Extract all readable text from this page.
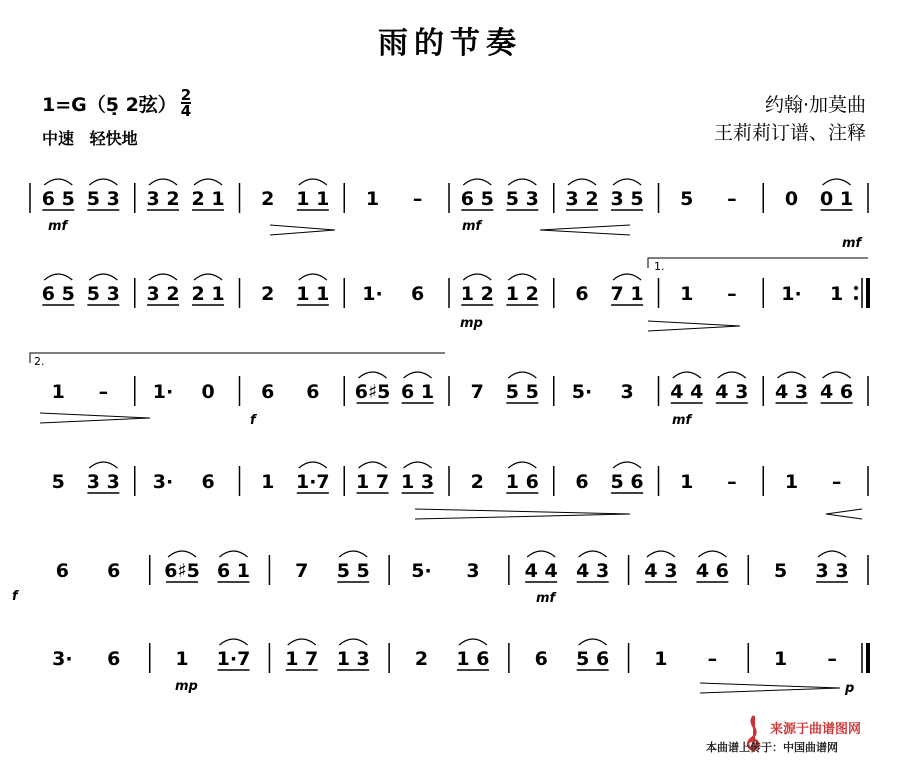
雨的节奏
1=G（5̣ 2弦） $\frac{2}{4}$
中速 轻快地
约翰·加莫曲
王莉莉订谱、注释
6 5 5 3 3 2 2 1 2 1 1 1 – 6 5 5 3 3 2 3 5 5 –	0 0 1
6 5 5 3 3 2 2 1 2 1 1 1· 6 1 2 1 2 6 7 1 1 – 1· 1
1 – 1· 0 6 6 6♯5 6 1 7 5 5 5· 3 4 4 4 3 4 3 4 6
5 3 3 3· 6 1 1·7 1 7 1 3 2 1 6 6 5 6 1 –	1 –
6 6 6♯5 6 1 7 5 5 5· 3 4 4 4 3 4 3 4 6 5 3 3
3· 6	1 1·7 1 7 1 3 2 1 6 6 5 6 1 –	1 –
1.
2.
mf	mf
mf
mp
f	mf
f	mf
mp	p
来源于曲谱图网
本曲谱上传于：中国曲谱网
